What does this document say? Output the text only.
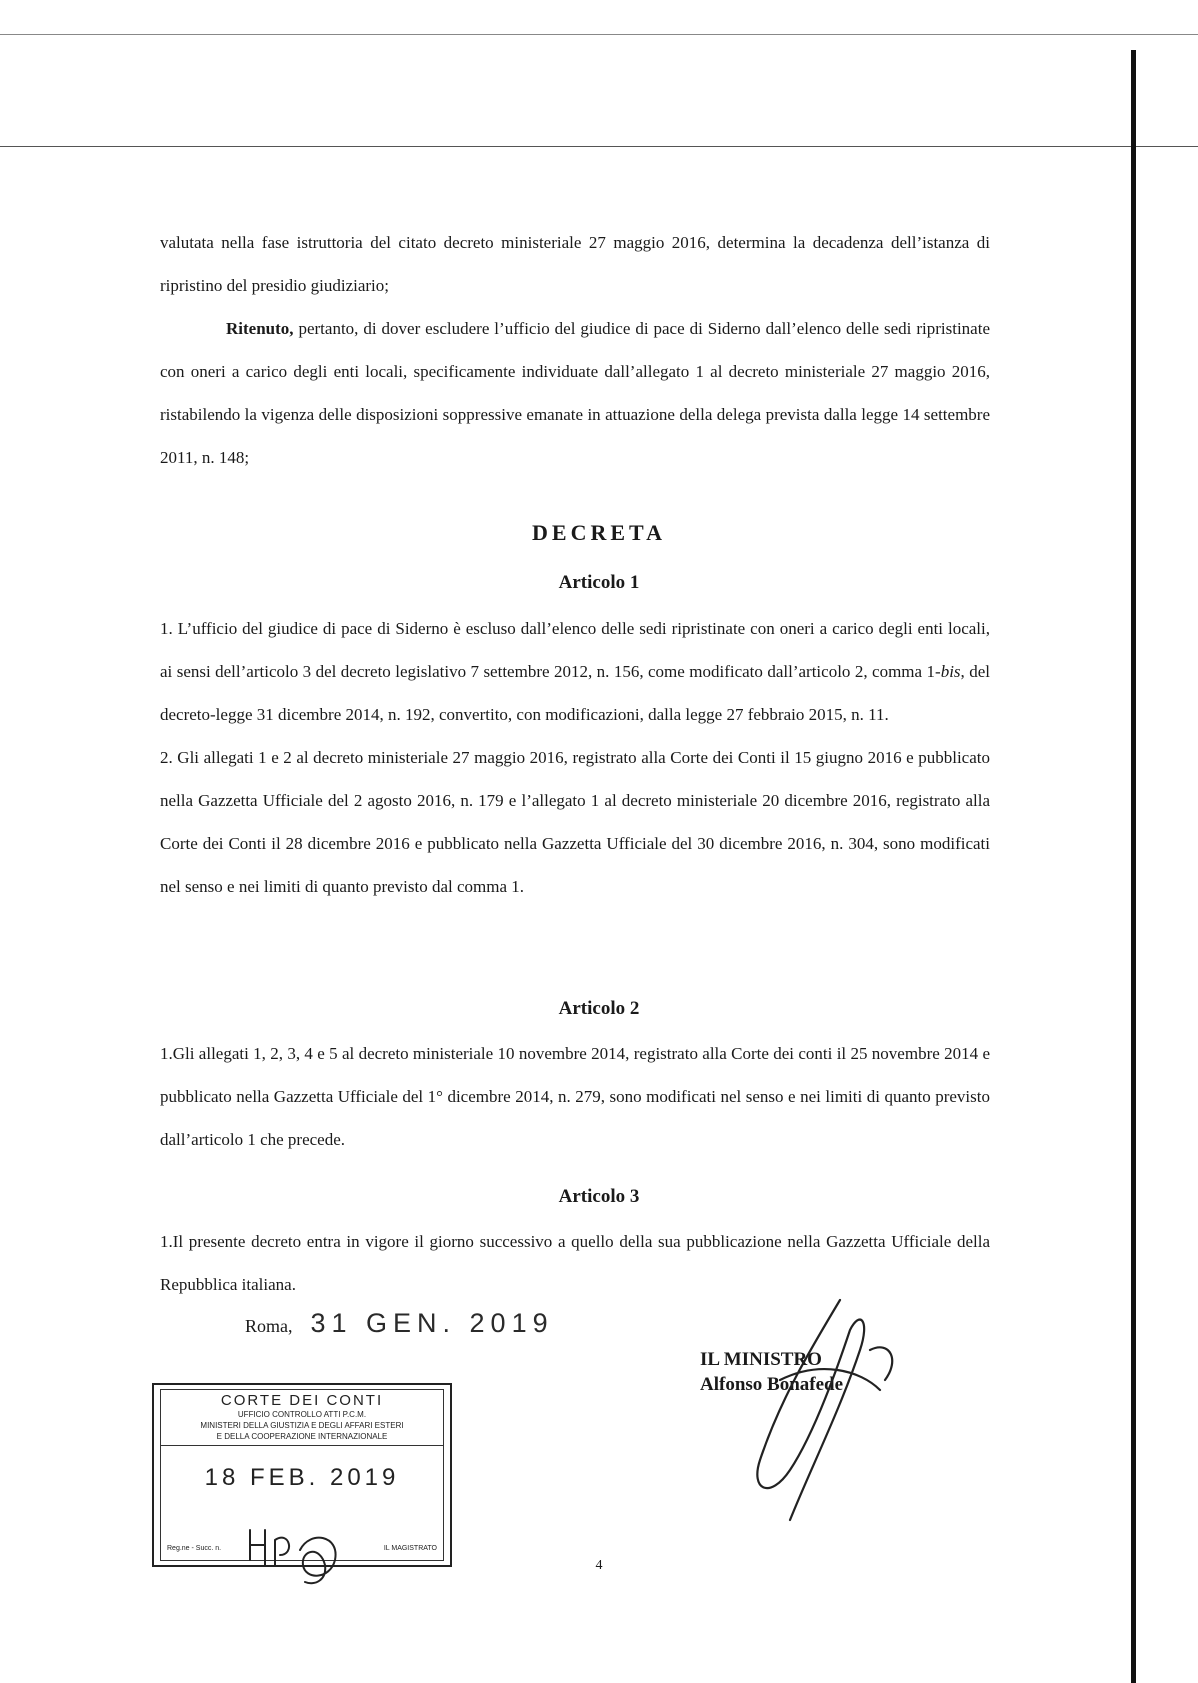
valutata nella fase istruttoria del citato decreto ministeriale 27 maggio 2016, determina la decadenza dell’istanza di ripristino del presidio giudiziario;

Ritenuto, pertanto, di dover escludere l’ufficio del giudice di pace di Siderno dall’elenco delle sedi ripristinate con oneri a carico degli enti locali, specificamente individuate dall’allegato 1 al decreto ministeriale 27 maggio 2016, ristabilendo la vigenza delle disposizioni soppressive emanate in attuazione della delega prevista dalla legge 14 settembre 2011, n. 148;

DECRETA
Articolo 1

1. L’ufficio del giudice di pace di Siderno è escluso dall’elenco delle sedi ripristinate con oneri a carico degli enti locali, ai sensi dell’articolo 3 del decreto legislativo 7 settembre 2012, n. 156, come modificato dall’articolo 2, comma 1-bis, del decreto-legge 31 dicembre 2014, n. 192, convertito, con modificazioni, dalla legge 27 febbraio 2015, n. 11.

2. Gli allegati 1 e 2 al decreto ministeriale 27 maggio 2016, registrato alla Corte dei Conti il 15 giugno 2016 e pubblicato nella Gazzetta Ufficiale del 2 agosto 2016, n. 179 e l’allegato 1 al decreto ministeriale 20 dicembre 2016, registrato alla Corte dei Conti il 28 dicembre 2016 e pubblicato nella Gazzetta Ufficiale del 30 dicembre 2016, n. 304, sono modificati nel senso e nei limiti di quanto previsto dal comma 1.

Articolo 2

1.Gli allegati 1, 2, 3, 4 e 5 al decreto ministeriale 10 novembre 2014, registrato alla Corte dei conti il 25 novembre 2014 e pubblicato nella Gazzetta Ufficiale del 1° dicembre 2014, n. 279, sono modificati nel senso e nei limiti di quanto previsto dall’articolo 1 che precede.

Articolo 3

1.Il presente decreto entra in vigore il giorno successivo a quello della sua pubblicazione nella Gazzetta Ufficiale della Repubblica italiana.

Roma, 31 GEN. 2019
IL MINISTRO
Alfonso Bonafede
CORTE DEI CONTI
UFFICIO CONTROLLO ATTI P.C.M.
MINISTERI DELLA GIUSTIZIA E DEGLI AFFARI ESTERI
E DELLA COOPERAZIONE INTERNAZIONALE
18 FEB. 2019
Reg.ne - Succ. n.	IL MAGISTRATO
4
